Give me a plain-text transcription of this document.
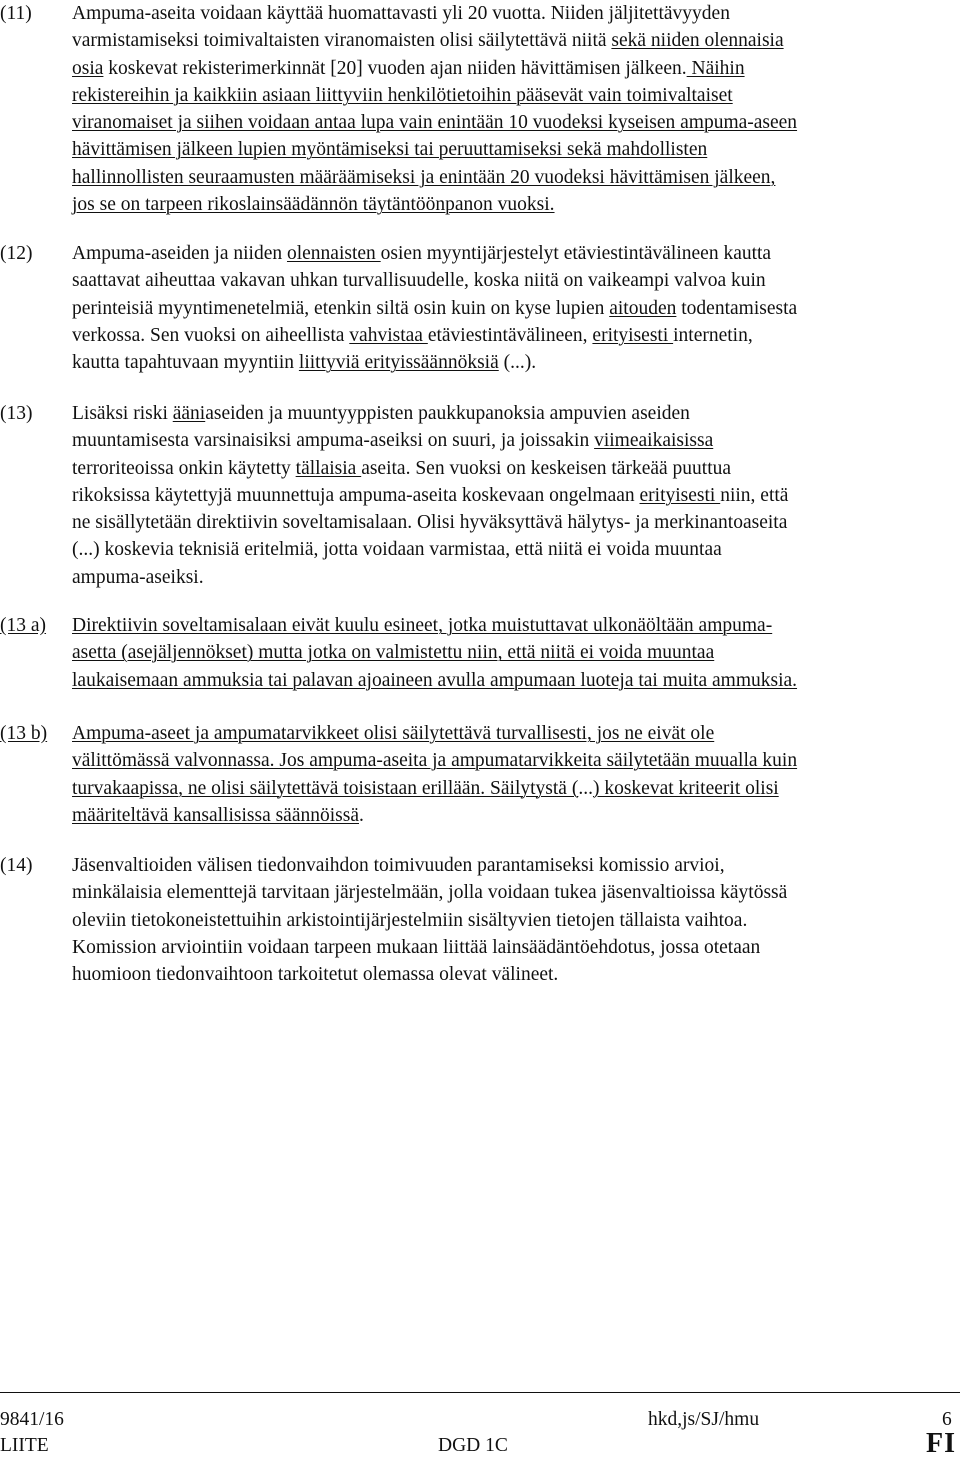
(11) Ampuma-aseita voidaan käyttää huomattavasti yli 20 vuotta. Niiden jäljitettävyyden
varmistamiseksi toimivaltaisten viranomaisten olisi säilytettävä niitä sekä niiden olennaisia
osia koskevat rekisterimerkinnät [20] vuoden ajan niiden hävittämisen jälkeen. Näihin
rekistereihin ja kaikkiin asiaan liittyviin henkilötietoihin pääsevät vain toimivaltaiset
viranomaiset ja siihen voidaan antaa lupa vain enintään 10 vuodeksi kyseisen ampuma-aseen
hävittämisen jälkeen lupien myöntämiseksi tai peruuttamiseksi sekä mahdollisten
hallinnollisten seuraamusten määräämiseksi ja enintään 20 vuodeksi hävittämisen jälkeen,
jos se on tarpeen rikoslainsäädännön täytäntöönpanon vuoksi.
(12) Ampuma-aseiden ja niiden olennaisten osien myyntijärjestelyt etäviestintävälineen kautta
saattavat aiheuttaa vakavan uhkan turvallisuudelle, koska niitä on vaikeampi valvoa kuin
perinteisiä myyntimenetelmiä, etenkin siltä osin kuin on kyse lupien aitouden todentamisesta
verkossa. Sen vuoksi on aiheellista vahvistaa etäviestintävälineen, erityisesti internetin,
kautta tapahtuvaan myyntiin liittyviä erityissäännöksiä (...).
(13) Lisäksi riski ääniaseiden ja muuntyyppisten paukkupanoksia ampuvien aseiden
muuntamisesta varsinaisiksi ampuma-aseiksi on suuri, ja joissakin viimeaikaisissa
terroriteoissa onkin käytetty tällaisia aseita. Sen vuoksi on keskeisen tärkeää puuttua
rikoksissa käytettyjä muunnettuja ampuma-aseita koskevaan ongelmaan erityisesti niin, että
ne sisällytetään direktiivin soveltamisalaan. Olisi hyväksyttävä hälytys- ja merkinantoaseita
(...) koskevia teknisiä eritelmiä, jotta voidaan varmistaa, että niitä ei voida muuntaa
ampuma-aseiksi.
(13 a) Direktiivin soveltamisalaan eivät kuulu esineet, jotka muistuttavat ulkonäöltään ampuma-
asetta (asejäljennökset) mutta jotka on valmistettu niin, että niitä ei voida muuntaa
laukaisemaan ammuksia tai palavan ajoaineen avulla ampumaan luoteja tai muita ammuksia.
(13 b) Ampuma-aseet ja ampumatarvikkeet olisi säilytettävä turvallisesti, jos ne eivät ole
välittömässä valvonnassa. Jos ampuma-aseita ja ampumatarvikkeita säilytetään muualla kuin
turvakaapissa, ne olisi säilytettävä toisistaan erillään. Säilytystä (...) koskevat kriteerit olisi
määriteltävä kansallisissa säännöissä.
(14) Jäsenvaltioiden välisen tiedonvaihdon toimivuuden parantamiseksi komissio arvioi,
minkälaisia elementtejä tarvitaan järjestelmään, jolla voidaan tukea jäsenvaltioissa käytössä
oleviin tietokoneistettuihin arkistointijärjestelmiin sisältyvien tietojen tällaista vaihtoa.
Komission arviointiin voidaan tarpeen mukaan liittää lainsäädäntöehdotus, jossa otetaan
huomioon tiedonvaihtoon tarkoitetut olemassa olevat välineet.
9841/16	hkd,js/SJ/hmu	6
LIITE	DGD 1C	FI
